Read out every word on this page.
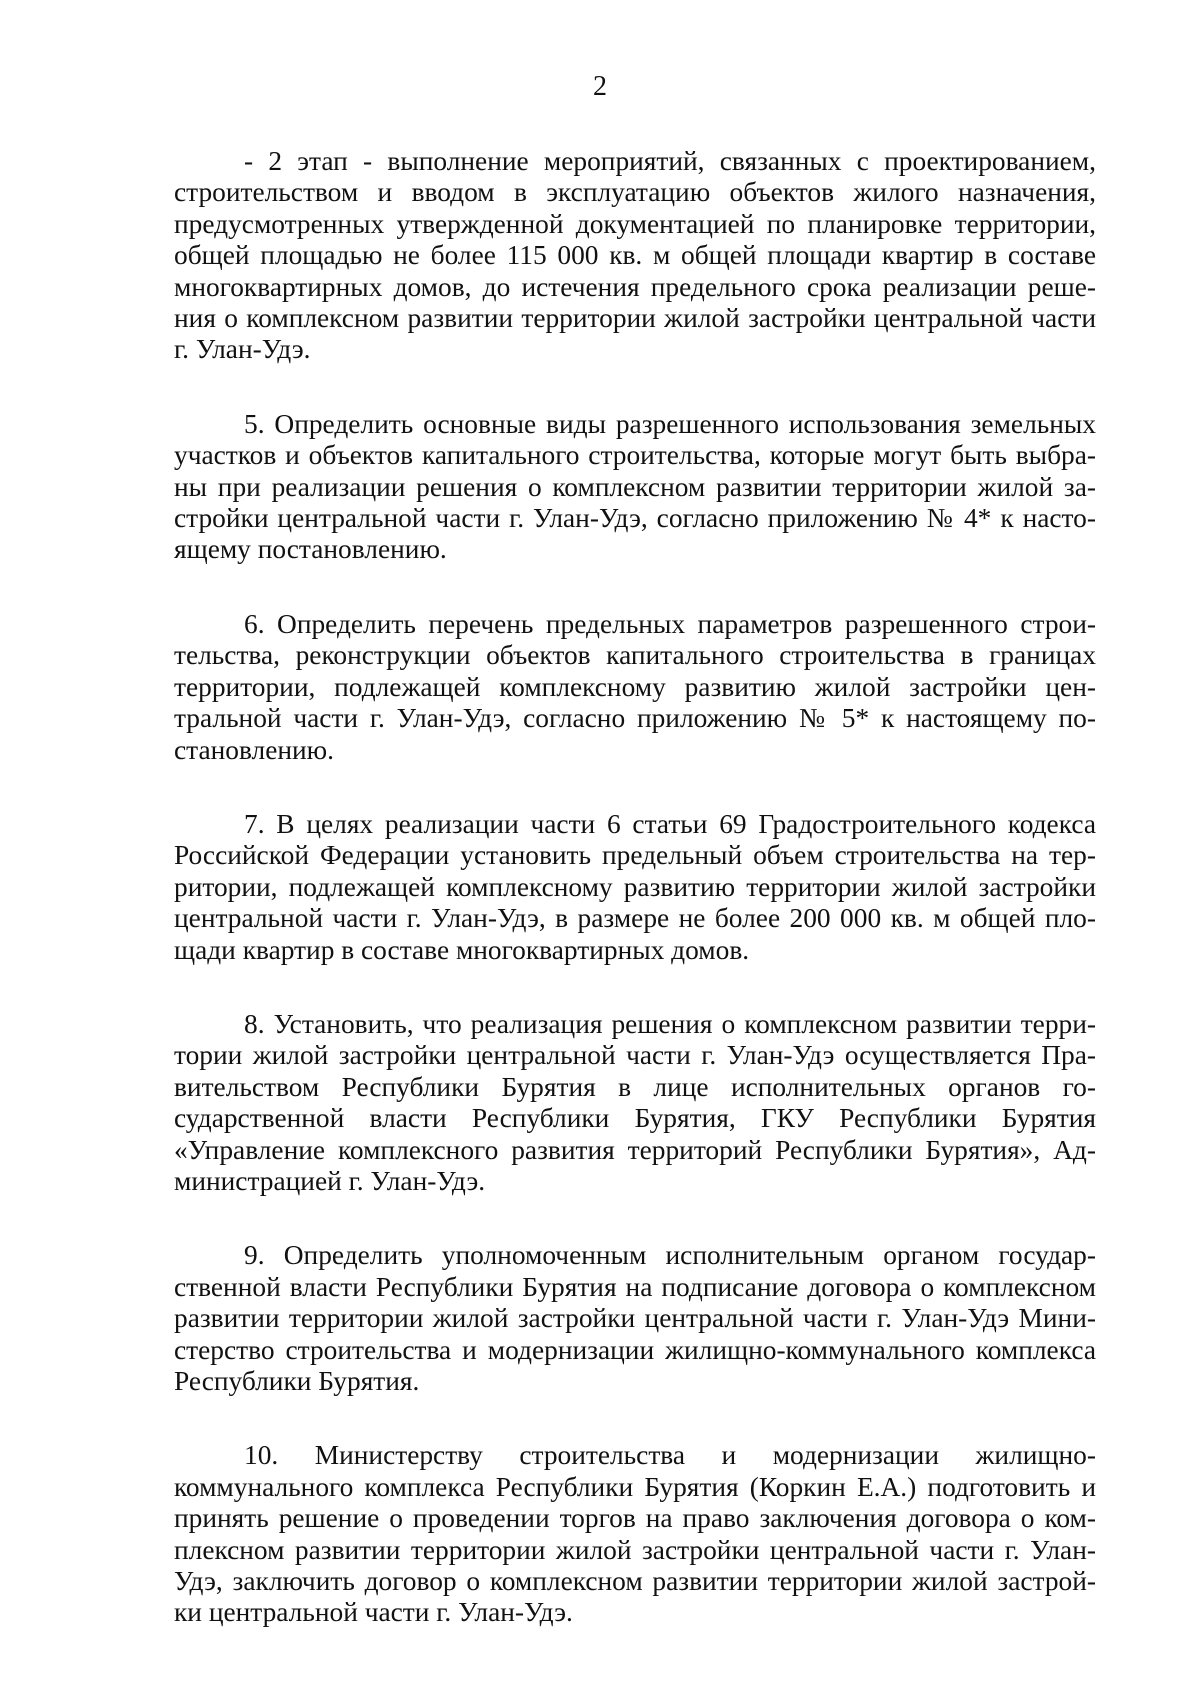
2

- 2 этап - выполнение мероприятий, связанных с проектированием,
строительством и вводом в эксплуатацию объектов жилого назначения,
предусмотренных утвержденной документацией по планировке территории,
общей площадью не более 115 000 кв. м общей площади квартир в составе
многоквартирных домов, до истечения предельного срока реализации реше-
ния о комплексном развитии территории жилой застройки центральной части
г. Улан-Удэ.

5. Определить основные виды разрешенного использования земельных
участков и объектов капитального строительства, которые могут быть выбра-
ны при реализации решения о комплексном развитии территории жилой за-
стройки центральной части г. Улан-Удэ, согласно приложению № 4* к насто-
ящему постановлению.

6. Определить перечень предельных параметров разрешенного строи-
тельства, реконструкции объектов капитального строительства в границах
территории, подлежащей комплексному развитию жилой застройки цен-
тральной части г. Улан-Удэ, согласно приложению № 5* к настоящему по-
становлению.

7. В целях реализации части 6 статьи 69 Градостроительного кодекса
Российской Федерации установить предельный объем строительства на тер-
ритории, подлежащей комплексному развитию территории жилой застройки
центральной части г. Улан-Удэ, в размере не более 200 000 кв. м общей пло-
щади квартир в составе многоквартирных домов.

8. Установить, что реализация решения о комплексном развитии терри-
тории жилой застройки центральной части г. Улан-Удэ осуществляется Пра-
вительством Республики Бурятия в лице исполнительных органов го-
сударственной власти Республики Бурятия, ГКУ Республики Бурятия
«Управление комплексного развития территорий Республики Бурятия», Ад-
министрацией г. Улан-Удэ.

9. Определить уполномоченным исполнительным органом государ-
ственной власти Республики Бурятия на подписание договора о комплексном
развитии территории жилой застройки центральной части г. Улан-Удэ Мини-
стерство строительства и модернизации жилищно-коммунального комплекса
Республики Бурятия.

10. Министерству строительства и модернизации жилищно-
коммунального комплекса Республики Бурятия (Коркин Е.А.) подготовить и
принять решение о проведении торгов на право заключения договора о ком-
плексном развитии территории жилой застройки центральной части г. Улан-
Удэ, заключить договор о комплексном развитии территории жилой застрой-
ки центральной части г. Улан-Удэ.
